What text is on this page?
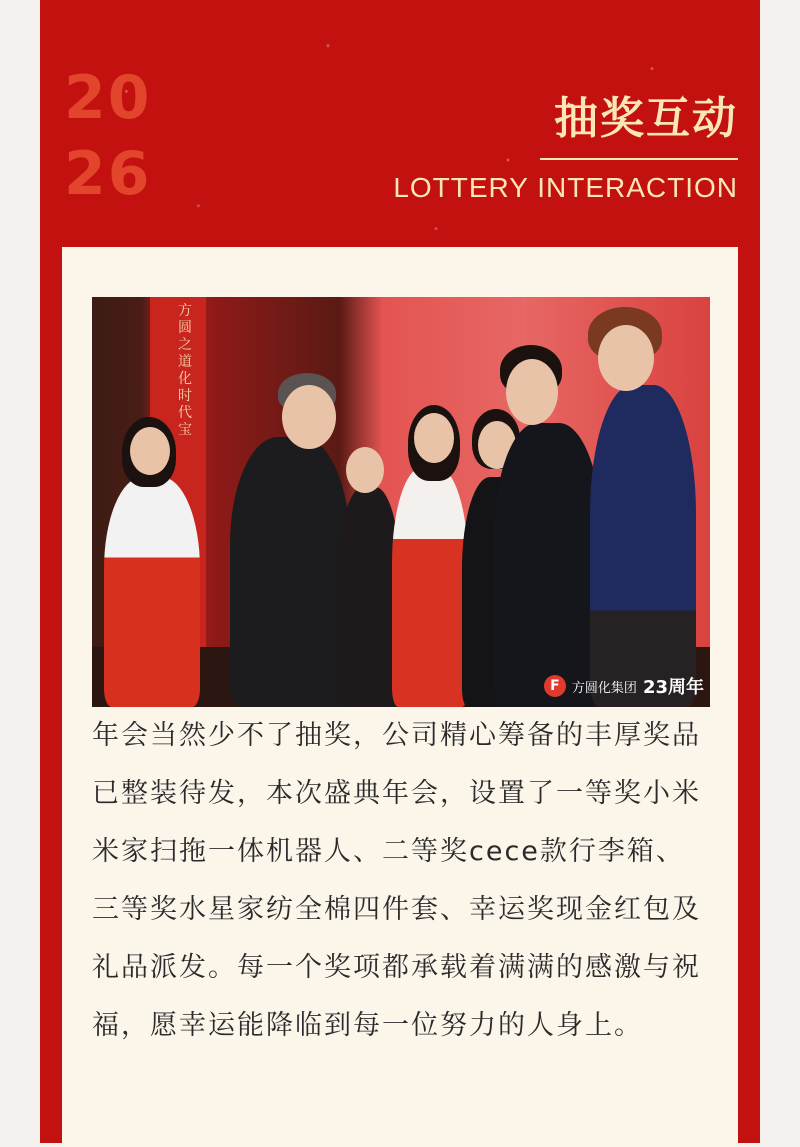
20
26
抽奖互动
LOTTERY INTERACTION
方圆之道 化时代宝
F 方圆化集团 23周年

年会当然少不了抽奖，公司精心筹备的丰厚奖品已整装待发，本次盛典年会，设置了一等奖小米米家扫拖一体机器人、二等奖cece款行李箱、三等奖水星家纺全棉四件套、幸运奖现金红包及礼品派发。每一个奖项都承载着满满的感激与祝福，愿幸运能降临到每一位努力的人身上。
